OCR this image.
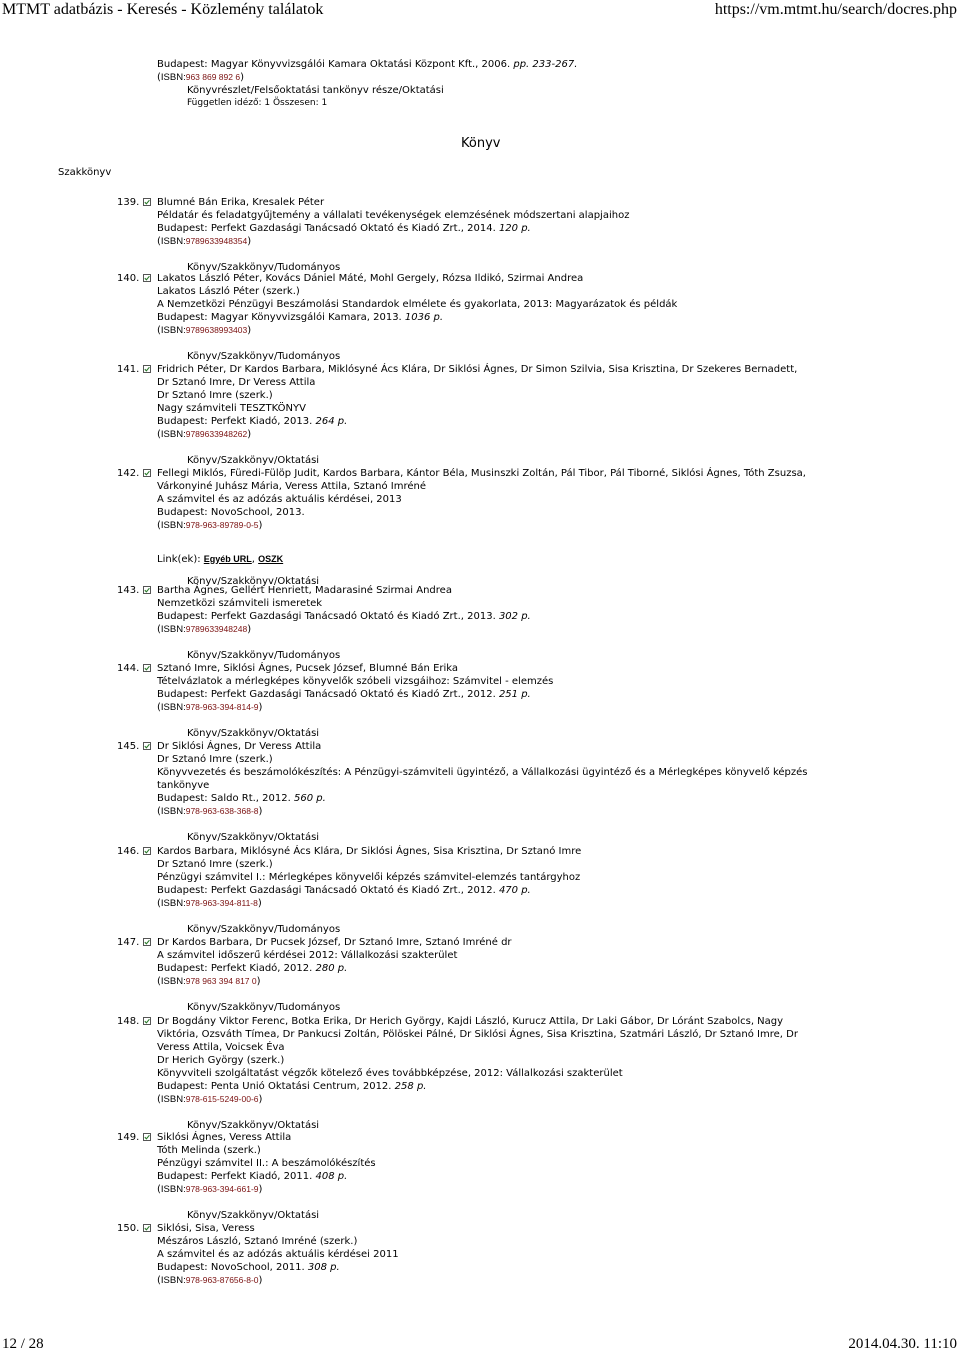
MTMT adatbázis - Keresés - Közlemény találatok	https://vm.mtmt.hu/search/docres.php
Budapest: Magyar Könyvvizsgálói Kamara Oktatási Központ Kft., 2006. pp. 233-267.
(ISBN:963 869 892 6)
Könyvrészlet/Felsőoktatási tankönyv része/Oktatási
Független idéző: 1 Összesen: 1
Könyv
Szakkönyv
139. Blumné Bán Erika, Kresalek Péter
Példatár és feladatgyűjtemény a vállalati tevékenységek elemzésének módszertani alapjaihoz
Budapest: Perfekt Gazdasági Tanácsadó Oktató és Kiadó Zrt., 2014. 120 p.
(ISBN:9789633948354)
Könyv/Szakkönyv/Tudományos
140. Lakatos László Péter, Kovács Dániel Máté, Mohl Gergely, Rózsa Ildikó, Szirmai Andrea
Lakatos László Péter (szerk.)
A Nemzetközi Pénzügyi Beszámolási Standardok elmélete és gyakorlata, 2013: Magyarázatok és példák
Budapest: Magyar Könyvvizsgálói Kamara, 2013. 1036 p.
(ISBN:9789638993403)
Könyv/Szakkönyv/Tudományos
141. Fridrich Péter, Dr Kardos Barbara, Miklósyné Ács Klára, Dr Siklósi Ágnes, Dr Simon Szilvia, Sisa Krisztina, Dr Szekeres Bernadett,
Dr Sztanó Imre, Dr Veress Attila
Dr Sztanó Imre (szerk.)
Nagy számviteli TESZTKÖNYV
Budapest: Perfekt Kiadó, 2013. 264 p.
(ISBN:9789633948262)
Könyv/Szakkönyv/Oktatási
142. Fellegi Miklós, Füredi-Fülöp Judit, Kardos Barbara, Kántor Béla, Musinszki Zoltán, Pál Tibor, Pál Tiborné, Siklósi Ágnes, Tóth Zsuzsa,
Várkonyiné Juhász Mária, Veress Attila, Sztanó Imréné
A számvitel és az adózás aktuális kérdései, 2013
Budapest: NovoSchool, 2013.
(ISBN:978-963-89789-0-5)
Link(ek): Egyéb URL, OSZK
Könyv/Szakkönyv/Oktatási
143. Bartha Ágnes, Gellért Henriett, Madarasiné Szirmai Andrea
Nemzetközi számviteli ismeretek
Budapest: Perfekt Gazdasági Tanácsadó Oktató és Kiadó Zrt., 2013. 302 p.
(ISBN:9789633948248)
Könyv/Szakkönyv/Tudományos
144. Sztanó Imre, Siklósi Ágnes, Pucsek József, Blumné Bán Erika
Tételvázlatok a mérlegképes könyvelők szóbeli vizsgáihoz: Számvitel - elemzés
Budapest: Perfekt Gazdasági Tanácsadó Oktató és Kiadó Zrt., 2012. 251 p.
(ISBN:978-963-394-814-9)
Könyv/Szakkönyv/Oktatási
145. Dr Siklósi Ágnes, Dr Veress Attila
Dr Sztanó Imre (szerk.)
Könyvvezetés és beszámolókészítés: A Pénzügyi-számviteli ügyintéző, a Vállalkozási ügyintéző és a Mérlegképes könyvelő képzés
tankönyve
Budapest: Saldo Rt., 2012. 560 p.
(ISBN:978-963-638-368-8)
Könyv/Szakkönyv/Oktatási
146. Kardos Barbara, Miklósyné Ács Klára, Dr Siklósi Ágnes, Sisa Krisztina, Dr Sztanó Imre
Dr Sztanó Imre (szerk.)
Pénzügyi számvitel I.: Mérlegképes könyvelői képzés számvitel-elemzés tantárgyhoz
Budapest: Perfekt Gazdasági Tanácsadó Oktató és Kiadó Zrt., 2012. 470 p.
(ISBN:978-963-394-811-8)
Könyv/Szakkönyv/Tudományos
147. Dr Kardos Barbara, Dr Pucsek József, Dr Sztanó Imre, Sztanó Imréné dr
A számvitel időszerű kérdései 2012: Vállalkozási szakterület
Budapest: Perfekt Kiadó, 2012. 280 p.
(ISBN:978 963 394 817 0)
Könyv/Szakkönyv/Tudományos
148. Dr Bogdány Viktor Ferenc, Botka Erika, Dr Herich György, Kajdi László, Kurucz Attila, Dr Laki Gábor, Dr Lóránt Szabolcs, Nagy
Viktória, Ozsváth Tímea, Dr Pankucsi Zoltán, Pölöskei Pálné, Dr Siklósi Ágnes, Sisa Krisztina, Szatmári László, Dr Sztanó Imre, Dr
Veress Attila, Voicsek Éva
Dr Herich György (szerk.)
Könyvviteli szolgáltatást végzők kötelező éves továbbképzése, 2012: Vállalkozási szakterület
Budapest: Penta Unió Oktatási Centrum, 2012. 258 p.
(ISBN:978-615-5249-00-6)
Könyv/Szakkönyv/Oktatási
149. Siklósi Ágnes, Veress Attila
Tóth Melinda (szerk.)
Pénzügyi számvitel II.: A beszámolókészítés
Budapest: Perfekt Kiadó, 2011. 408 p.
(ISBN:978-963-394-661-9)
Könyv/Szakkönyv/Oktatási
150. Siklósi, Sisa, Veress
Mészáros László, Sztanó Imréné (szerk.)
A számvitel és az adózás aktuális kérdései 2011
Budapest: NovoSchool, 2011. 308 p.
(ISBN:978-963-87656-8-0)
12 / 28	2014.04.30. 11:10
